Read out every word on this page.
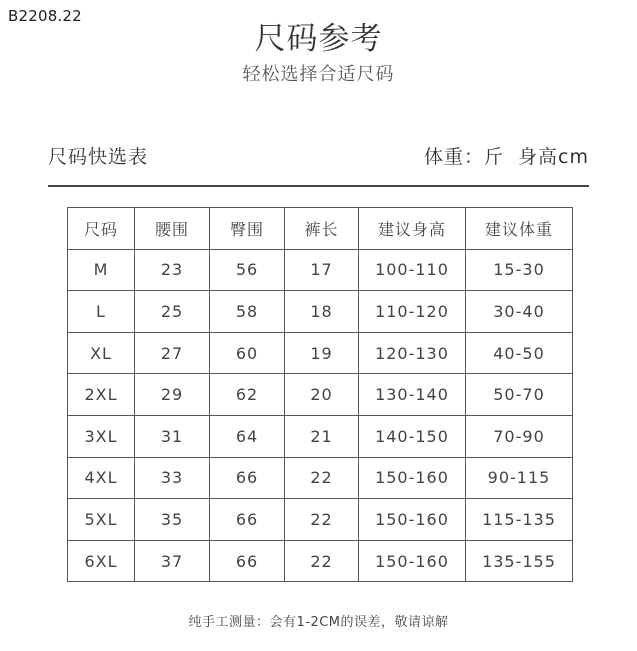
B2208.22
尺码参考
轻松选择合适尺码
尺码快选表	体重：斤  身高cm
尺码	腰围	臀围	裤长	建议身高	建议体重
M	23	56	17	100-110	15-30
L	25	58	18	110-120	30-40
XL	27	60	19	120-130	40-50
2XL	29	62	20	130-140	50-70
3XL	31	64	21	140-150	70-90
4XL	33	66	22	150-160	90-115
5XL	35	66	22	150-160	115-135
6XL	37	66	22	150-160	135-155
纯手工测量：会有1-2CM的误差，敬请谅解
